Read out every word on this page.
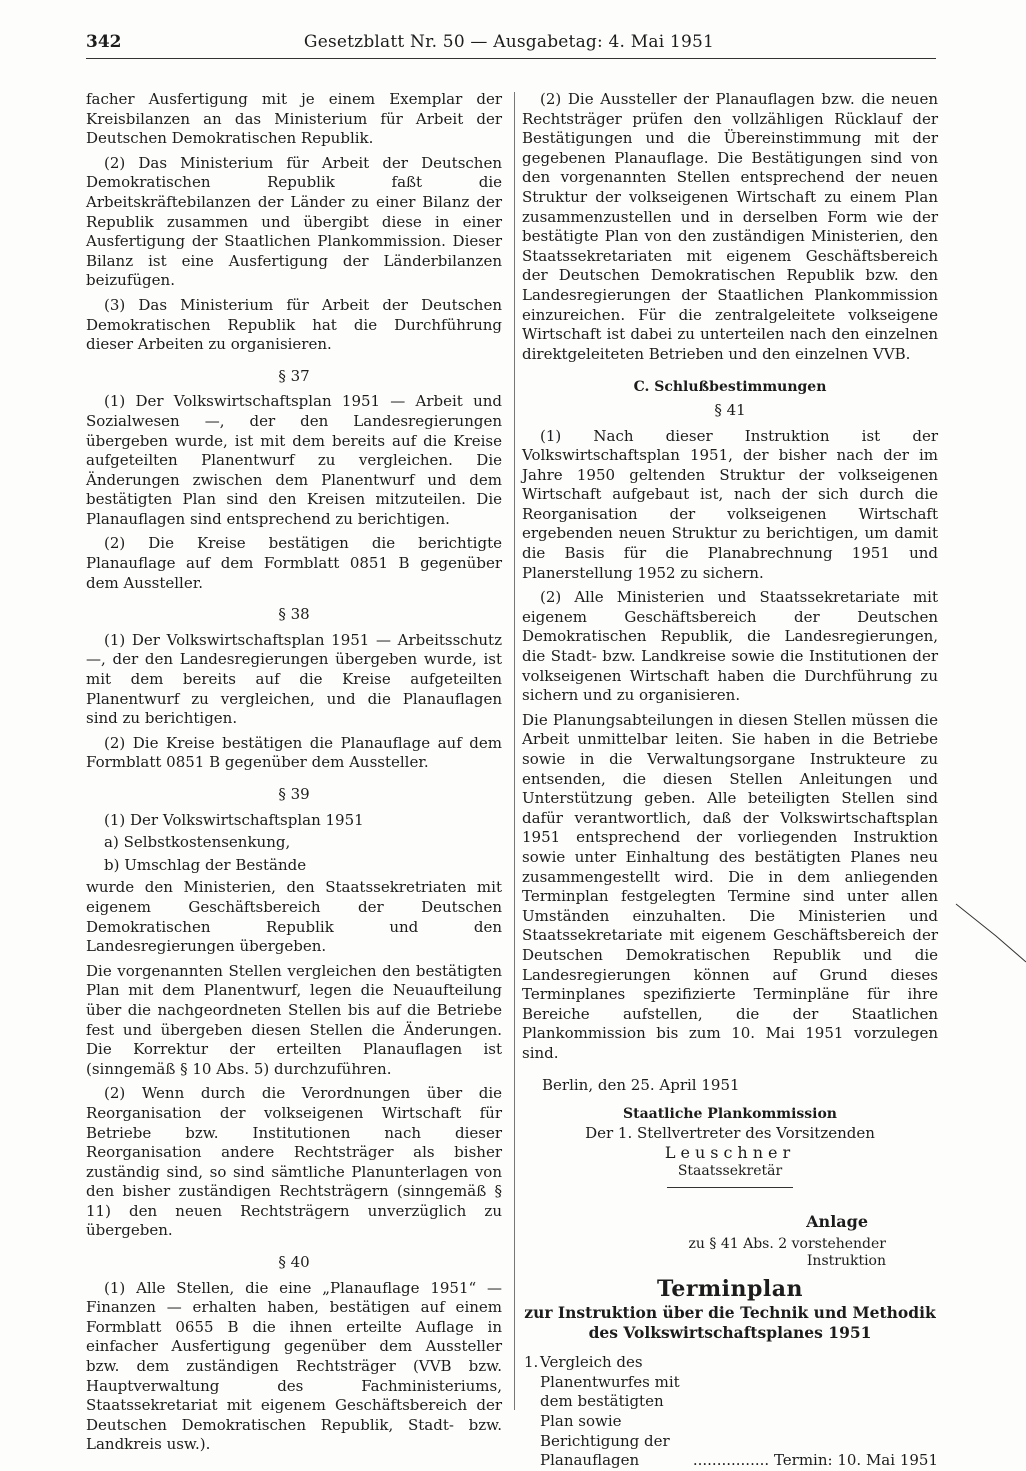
342	Gesetzblatt Nr. 50 — Ausgabetag: 4. Mai 1951

facher Ausfertigung mit je einem Exemplar der Kreisbilanzen an das Ministerium für Arbeit der Deutschen Demokratischen Republik.

(2) Das Ministerium für Arbeit der Deutschen Demokratischen Republik faßt die Arbeitskräftebilanzen der Länder zu einer Bilanz der Republik zusammen und übergibt diese in einer Ausfertigung der Staatlichen Plankommission. Dieser Bilanz ist eine Ausfertigung der Länderbilanzen beizufügen.

(3) Das Ministerium für Arbeit der Deutschen Demokratischen Republik hat die Durchführung dieser Arbeiten zu organisieren.

§ 37

(1) Der Volkswirtschaftsplan 1951 — Arbeit und Sozialwesen —, der den Landesregierungen übergeben wurde, ist mit dem bereits auf die Kreise aufgeteilten Planentwurf zu vergleichen. Die Änderungen zwischen dem Planentwurf und dem bestätigten Plan sind den Kreisen mitzuteilen. Die Planauflagen sind entsprechend zu berichtigen.

(2) Die Kreise bestätigen die berichtigte Planauflage auf dem Formblatt 0851 B gegenüber dem Aussteller.

§ 38

(1) Der Volkswirtschaftsplan 1951 — Arbeitsschutz —, der den Landesregierungen übergeben wurde, ist mit dem bereits auf die Kreise aufgeteilten Planentwurf zu vergleichen, und die Planauflagen sind zu berichtigen.

(2) Die Kreise bestätigen die Planauflage auf dem Formblatt 0851 B gegenüber dem Aussteller.

§ 39
(1) Der Volkswirtschaftsplan 1951
a) Selbstkostensenkung,
b) Umschlag der Bestände

wurde den Ministerien, den Staatssekretriaten mit eigenem Geschäftsbereich der Deutschen Demokratischen Republik und den Landesregierungen übergeben.

Die vorgenannten Stellen vergleichen den bestätigten Plan mit dem Planentwurf, legen die Neuaufteilung über die nachgeordneten Stellen bis auf die Betriebe fest und übergeben diesen Stellen die Änderungen. Die Korrektur der erteilten Planauflagen ist (sinngemäß § 10 Abs. 5) durchzuführen.

(2) Wenn durch die Verordnungen über die Reorganisation der volkseigenen Wirtschaft für Betriebe bzw. Institutionen nach dieser Reorganisation andere Rechtsträger als bisher zuständig sind, so sind sämtliche Planunterlagen von den bisher zuständigen Rechtsträgern (sinngemäß § 11) den neuen Rechtsträgern unverzüglich zu übergeben.

§ 40

(1) Alle Stellen, die eine „Planauflage 1951“ — Finanzen — erhalten haben, bestätigen auf einem Formblatt 0655 B die ihnen erteilte Auflage in einfacher Ausfertigung gegenüber dem Aussteller bzw. dem zuständigen Rechtsträger (VVB bzw. Hauptverwaltung des Fachministeriums, Staatssekretariat mit eigenem Geschäftsbereich der Deutschen Demokratischen Republik, Stadt- bzw. Landkreis usw.).

(2) Die Aussteller der Planauflagen bzw. die neuen Rechtsträger prüfen den vollzähligen Rücklauf der Bestätigungen und die Übereinstimmung mit der gegebenen Planauflage. Die Bestätigungen sind von den vorgenannten Stellen entsprechend der neuen Struktur der volkseigenen Wirtschaft zu einem Plan zusammenzustellen und in derselben Form wie der bestätigte Plan von den zuständigen Ministerien, den Staatssekretariaten mit eigenem Geschäftsbereich der Deutschen Demokratischen Republik bzw. den Landesregierungen der Staatlichen Plankommission einzureichen. Für die zentralgeleitete volkseigene Wirtschaft ist dabei zu unterteilen nach den einzelnen direktgeleiteten Betrieben und den einzelnen VVB.

C. Schlußbestimmungen
§ 41

(1) Nach dieser Instruktion ist der Volkswirtschaftsplan 1951, der bisher nach der im Jahre 1950 geltenden Struktur der volkseigenen Wirtschaft aufgebaut ist, nach der sich durch die Reorganisation der volkseigenen Wirtschaft ergebenden neuen Struktur zu berichtigen, um damit die Basis für die Planabrechnung 1951 und Planerstellung 1952 zu sichern.

(2) Alle Ministerien und Staatssekretariate mit eigenem Geschäftsbereich der Deutschen Demokratischen Republik, die Landesregierungen, die Stadt- bzw. Landkreise sowie die Institutionen der volkseigenen Wirtschaft haben die Durchführung zu sichern und zu organisieren.

Die Planungsabteilungen in diesen Stellen müssen die Arbeit unmittelbar leiten. Sie haben in die Betriebe sowie in die Verwaltungsorgane Instrukteure zu entsenden, die diesen Stellen Anleitungen und Unterstützung geben. Alle beteiligten Stellen sind dafür verantwortlich, daß der Volkswirtschaftsplan 1951 entsprechend der vorliegenden Instruktion sowie unter Einhaltung des bestätigten Planes neu zusammengestellt wird. Die in dem anliegenden Terminplan festgelegten Termine sind unter allen Umständen einzuhalten. Die Ministerien und Staatssekretariate mit eigenem Geschäftsbereich der Deutschen Demokratischen Republik und die Landesregierungen können auf Grund dieses Terminplanes spezifizierte Terminpläne für ihre Bereiche aufstellen, die der Staatlichen Plankommission bis zum 10. Mai 1951 vorzulegen sind.

Berlin, den 25. April 1951
Staatliche Plankommission
Der 1. Stellvertreter des Vorsitzenden
Leuschner
Staatssekretär
Anlage
zu § 41 Abs. 2 vorstehender
Instruktion
Terminplan
zur Instruktion über die Technik und Methodik
des Volkswirtschaftsplanes 1951
1. Vergleich des Planentwurfes mit dem bestätigten Plan sowie Berichtigung der Planauflagen	................ Termin: 10. Mai 1951
